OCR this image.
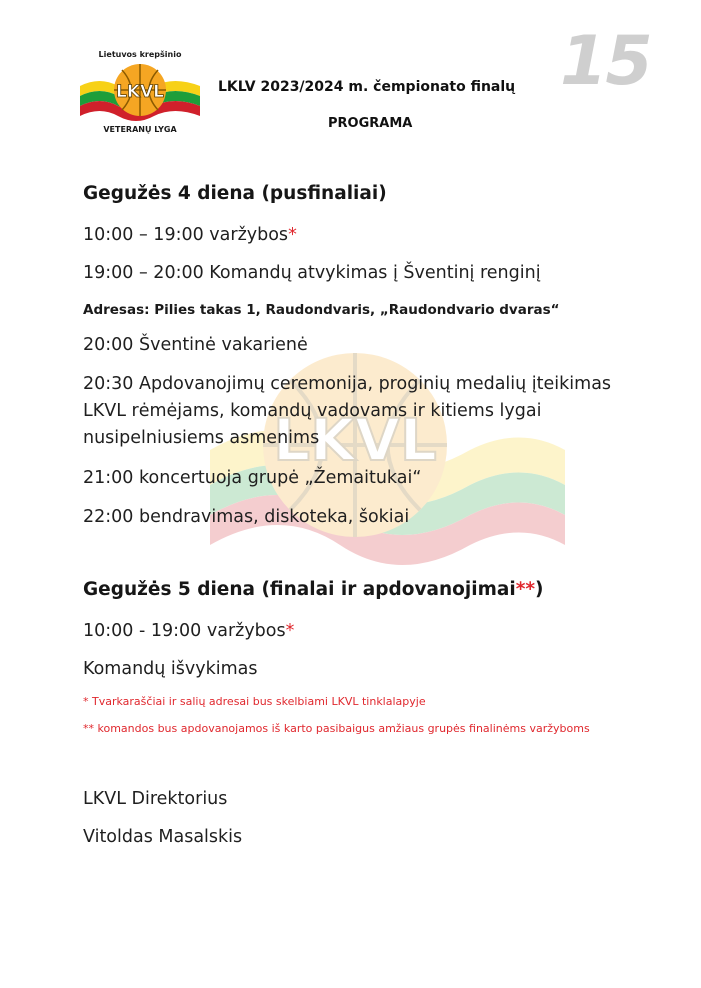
LKVL
LKVL
Lietuvos krepšinio
VETERANŲ LYGA
LKLV 2023/2024 m. čempionato finalų
PROGRAMA
15
Gegužės 4 diena (pusfinaliai)
10:00 – 19:00 varžybos*
19:00 – 20:00 Komandų atvykimas į Šventinį renginį
Adresas: Pilies takas 1, Raudondvaris, „Raudondvario dvaras“
20:00 Šventinė vakarienė
20:30 Apdovanojimų ceremonija, proginių medalių įteikimas
LKVL rėmėjams, komandų vadovams ir kitiems lygai
nusipelniusiems asmenims
21:00 koncertuoja grupė „Žemaitukai“
22:00 bendravimas, diskoteka, šokiai
Gegužės 5 diena (finalai ir apdovanojimai**)
10:00 - 19:00 varžybos*
Komandų išvykimas
* Tvarkaraščiai ir salių adresai bus skelbiami LKVL tinklalapyje
** komandos bus apdovanojamos iš karto pasibaigus amžiaus grupės finalinėms varžyboms
LKVL Direktorius
Vitoldas Masalskis
